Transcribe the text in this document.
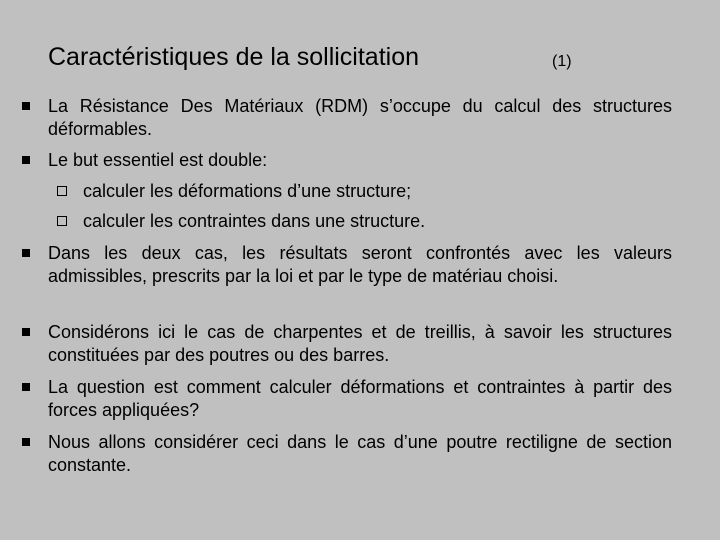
Caractéristiques de la sollicitation	(1)
La Résistance Des Matériaux (RDM) s’occupe du calcul des structures déformables.
Le but essentiel est double:
calculer les déformations d’une structure;
calculer les contraintes dans une structure.
Dans les deux cas, les résultats seront confrontés avec les valeurs admissibles, prescrits par la loi et par le type de matériau choisi.
Considérons ici le cas de charpentes et de treillis, à savoir les structures constituées par des poutres ou des barres.
La question est comment calculer déformations et contraintes à partir des forces appliquées?
Nous allons considérer ceci dans le cas d’une poutre rectiligne de section constante.
